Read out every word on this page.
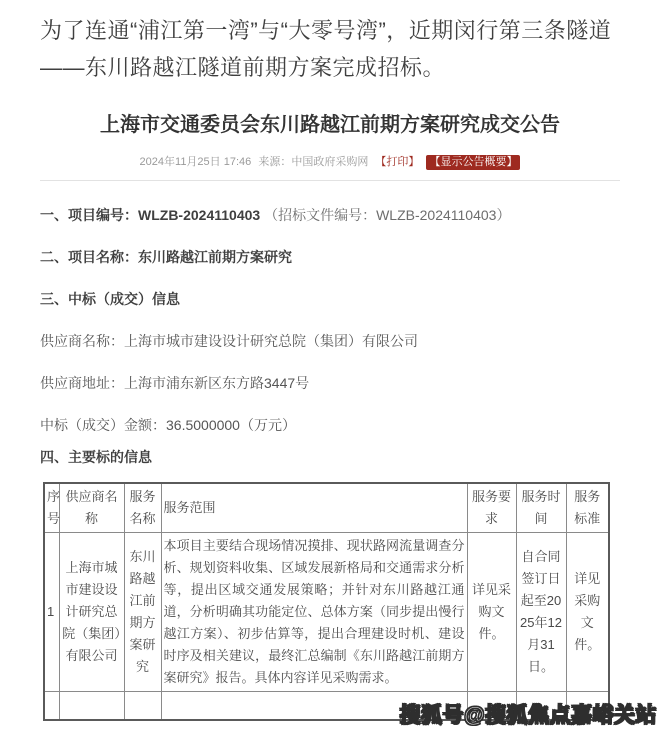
为了连通“浦江第一湾”与“大零号湾”，近期闵行第三条隧道——东川路越江隧道前期方案完成招标。

上海市交通委员会东川路越江前期方案研究成交公告
2024年11月25日 17:46 来源：中国政府采购网 【打印】 【显示公告概要】

一、项目编号：WLZB-2024110403 （招标文件编号：WLZB-2024110403）

二、项目名称：东川路越江前期方案研究

三、中标（成交）信息

供应商名称：上海市城市建设设计研究总院（集团）有限公司

供应商地址：上海市浦东新区东方路3447号

中标（成交）金额：36.5000000（万元）

四、主要标的信息

序号	供应商名称	服务名称	服务范围	服务要求	服务时间	服务标准
1	上海市城市建设设计研究总院（集团）有限公司	东川路越江前期方案研究	本项目主要结合现场情况摸排、现状路网流量调查分析、规划资料收集、区域发展新格局和交通需求分析等，提出区域交通发展策略；并针对东川路越江通道，分析明确其功能定位、总体方案（同步提出慢行越江方案）、初步估算等，提出合理建设时机、建设时序及相关建议，最终汇总编制《东川路越江前期方案研究》报告。具体内容详见采购需求。	详见采购文件。	自合同签订日起至2025年12月31日。	详见采购文件。

搜狐号@搜狐焦点嘉峪关站
